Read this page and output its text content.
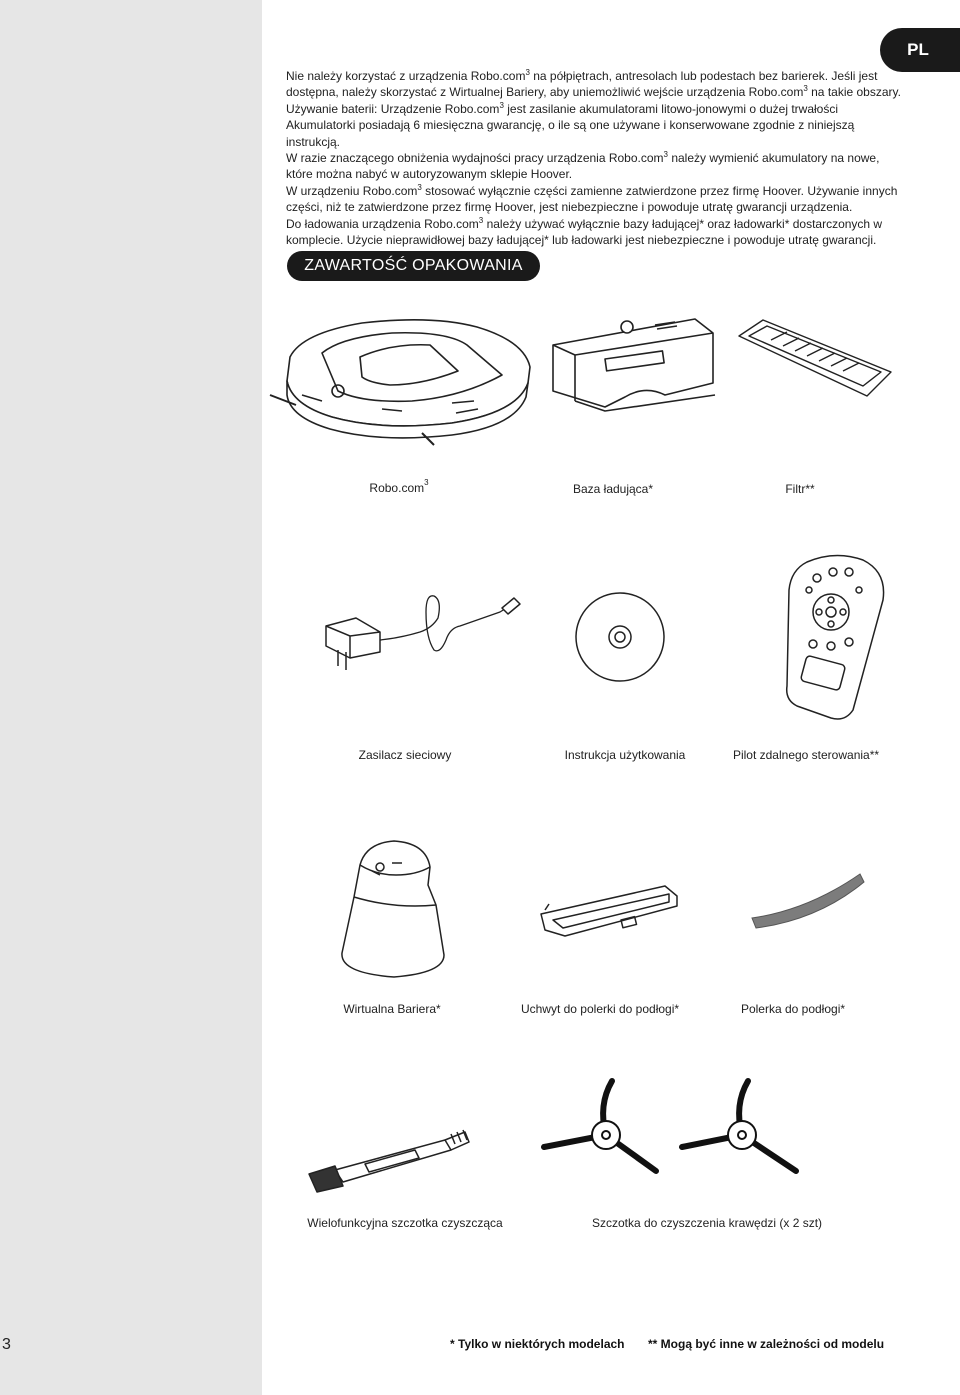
PL

Nie należy korzystać z urządzenia Robo.com$^3$ na półpiętrach, antresolach lub podestach bez barierek. Jeśli jest dostępna, należy skorzystać z Wirtualnej Bariery, aby uniemożliwić wejście urządzenia Robo.com$^3$ na takie obszary.

Używanie baterii: Urządzenie Robo.com$^3$ jest zasilanie akumulatorami litowo-jonowymi o dużej trwałości Akumulatorki posiadają 6 miesięczna gwarancję, o ile są one używane i konserwowane zgodnie z niniejszą instrukcją.

W razie znaczącego obniżenia wydajności pracy urządzenia Robo.com$^3$ należy wymienić akumulatory na nowe, które można nabyć w autoryzowanym sklepie Hoover.

W urządzeniu Robo.com$^3$ stosować wyłącznie części zamienne zatwierdzone przez firmę Hoover. Używanie innych części, niż te zatwierdzone przez firmę Hoover, jest niebezpieczne i powoduje utratę gwarancji urządzenia.

Do ładowania urządzenia Robo.com$^3$ należy używać wyłącznie bazy ładującej* oraz ładowarki* dostarczonych w komplecie. Użycie nieprawidłowej bazy ładującej* lub ładowarki jest niebezpieczne i powoduje utratę gwarancji.

ZAWARTOŚĆ OPAKOWANIA
Robo.com$^3$	Baza ładująca*	Filtr**
Zasilacz sieciowy	Instrukcja użytkowania	Pilot zdalnego sterowania**
Wirtualna Bariera*	Uchwyt do polerki do podłogi*	Polerka do podłogi*
Wielofunkcyjna szczotka czyszcząca	Szczotka do czyszczenia krawędzi (x 2 szt)
3	* Tylko w niektórych modelach ** Mogą być inne w zależności od modelu
